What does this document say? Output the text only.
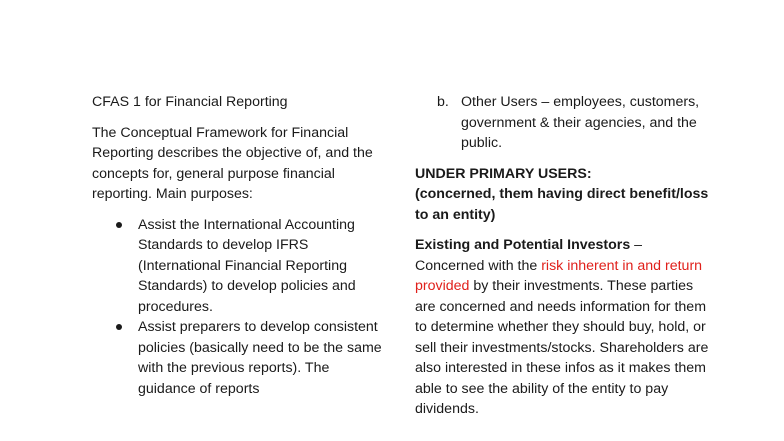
CFAS 1 for Financial Reporting

The Conceptual Framework for Financial Reporting describes the objective of, and the concepts for, general purpose financial reporting. Main purposes:

Assist the International Accounting Standards to develop IFRS (International Financial Reporting Standards) to develop policies and procedures.
Assist preparers to develop consistent policies (basically need to be the same with the previous reports). The guidance of reports
b. Other Users – employees, customers, government & their agencies, and the public.

UNDER PRIMARY USERS:
(concerned, them having direct benefit/loss to an entity)

Existing and Potential Investors – Concerned with the risk inherent in and return provided by their investments. These parties are concerned and needs information for them to determine whether they should buy, hold, or sell their investments/stocks. Shareholders are also interested in these infos as it makes them able to see the ability of the entity to pay dividends.
